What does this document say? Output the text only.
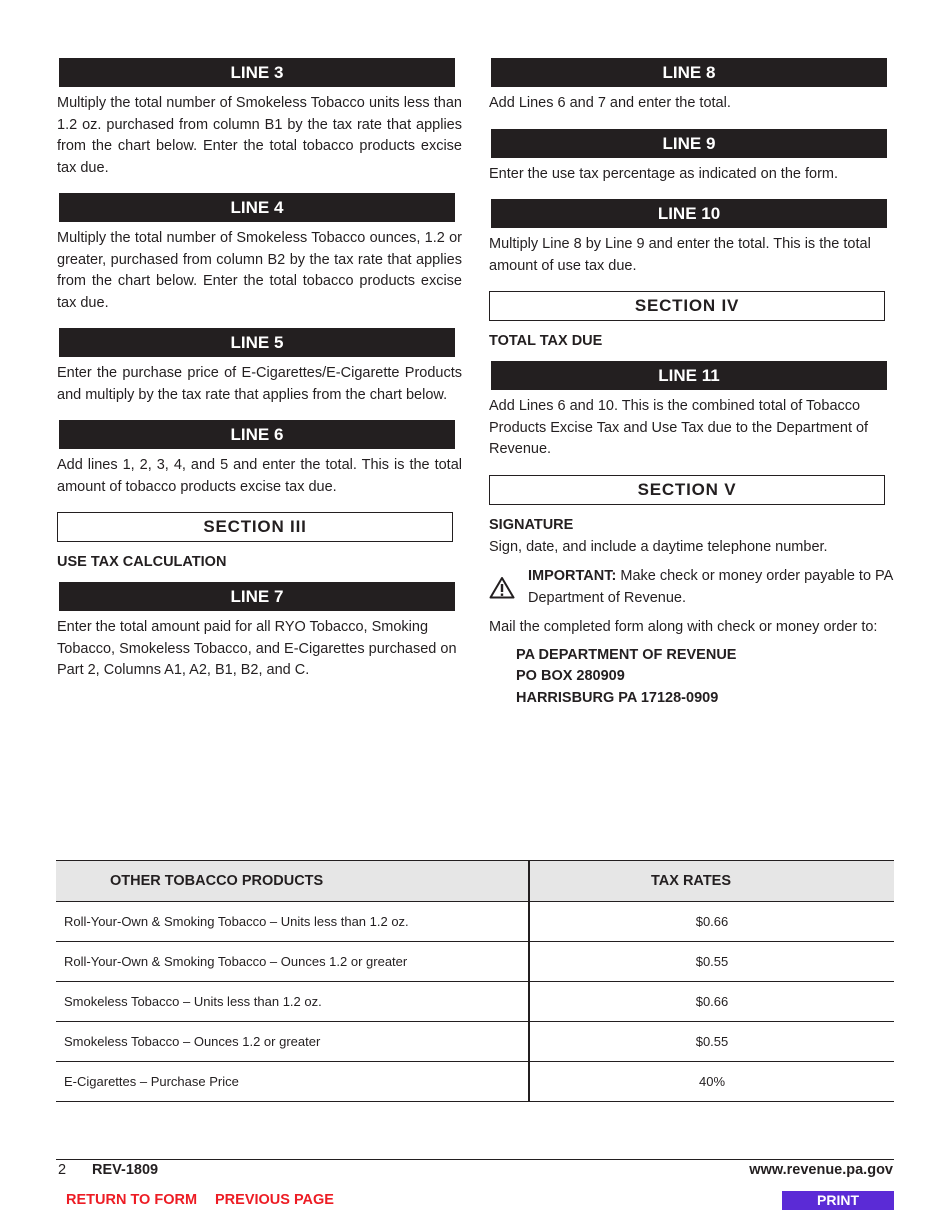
LINE 3

Multiply the total number of Smokeless Tobacco units less than 1.2 oz. purchased from column B1 by the tax rate that applies from the chart below. Enter the total tobacco products excise tax due.

LINE 4

Multiply the total number of Smokeless Tobacco ounces, 1.2 or greater, purchased from column B2 by the tax rate that applies from the chart below. Enter the total tobacco products excise tax due.

LINE 5

Enter the purchase price of E-Cigarettes/E-Cigarette Products and multiply by the tax rate that applies from the chart below.

LINE 6

Add lines 1, 2, 3, 4, and 5 and enter the total. This is the total amount of tobacco products excise tax due.

SECTION III
USE TAX CALCULATION
LINE 7

Enter the total amount paid for all RYO Tobacco, Smoking Tobacco, Smokeless Tobacco, and E-Cigarettes purchased on Part 2, Columns A1, A2, B1, B2, and C.

LINE 8

Add Lines 6 and 7 and enter the total.

LINE 9

Enter the use tax percentage as indicated on the form.

LINE 10

Multiply Line 8 by Line 9 and enter the total. This is the total amount of use tax due.

SECTION IV
TOTAL TAX DUE
LINE 11

Add Lines 6 and 10. This is the combined total of Tobacco Products Excise Tax and Use Tax due to the Department of Revenue.

SECTION V
SIGNATURE

Sign, date, and include a daytime telephone number.

IMPORTANT: Make check or money order payable to PA Department of Revenue.

Mail the completed form along with check or money order to:

PA DEPARTMENT OF REVENUE
PO BOX 280909
HARRISBURG PA 17128-0909
OTHER TOBACCO PRODUCTS	TAX RATES
Roll-Your-Own & Smoking Tobacco – Units less than 1.2 oz.	$0.66
Roll-Your-Own & Smoking Tobacco – Ounces 1.2 or greater	$0.55
Smokeless Tobacco – Units less than 1.2 oz.	$0.66
Smokeless Tobacco – Ounces 1.2 or greater	$0.55
E-Cigarettes – Purchase Price	40%
2 REV-1809	www.revenue.pa.gov
RETURN TO FORM PREVIOUS PAGE	PRINT
